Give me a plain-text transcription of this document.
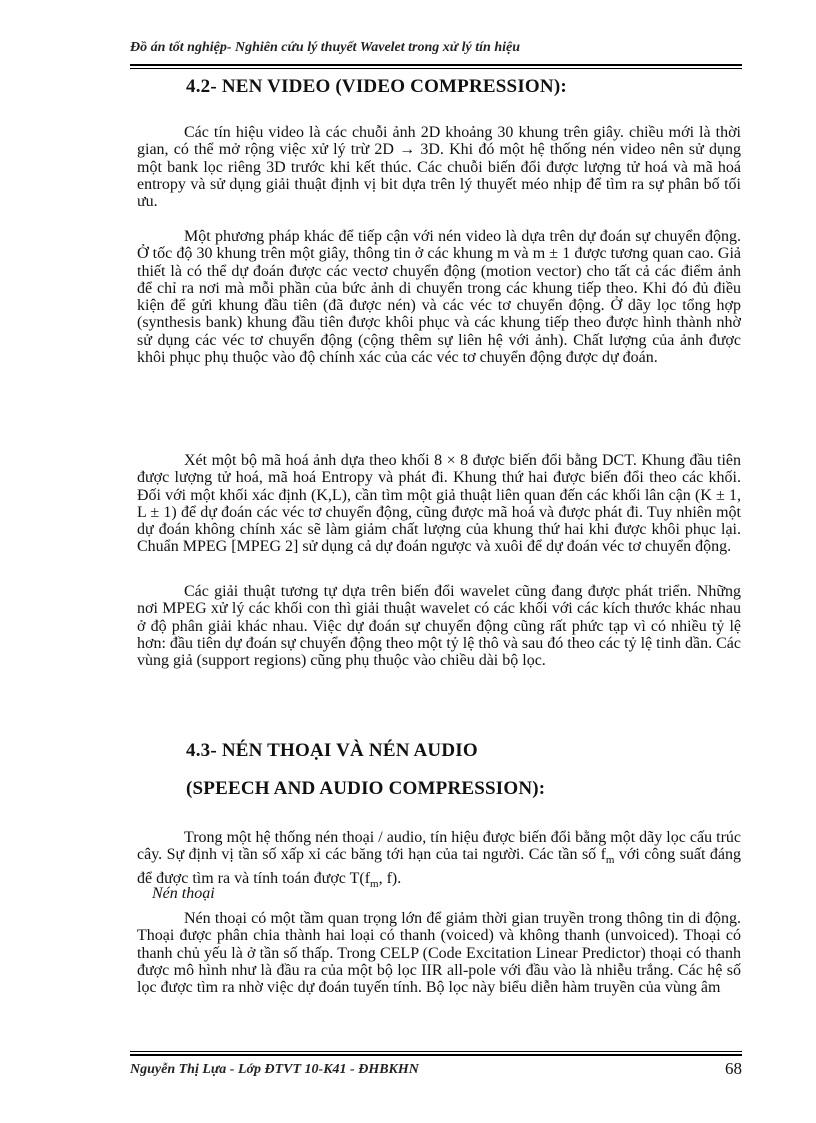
Đồ án tốt nghiệp- Nghiên cứu lý thuyết Wavelet trong xử lý tín hiệu
4.2- NEN VIDEO (VIDEO COMPRESSION):

Các tín hiệu video là các chuỗi ảnh 2D khoảng 30 khung trên giây. chiều mới là thời gian, có thể mở rộng việc xử lý trừ 2D → 3D. Khi đó một hệ thống nén video nên sử dụng một bank lọc riêng 3D trước khi kết thúc. Các chuỗi biến đổi được lượng tử hoá và mã hoá entropy và sử dụng giải thuật định vị bit dựa trên lý thuyết méo nhịp để tìm ra sự phân bố tối ưu.

Một phương pháp khác để tiếp cận với nén video là dựa trên dự đoán sự chuyển động. Ở tốc độ 30 khung trên một giây, thông tin ở các khung m và m ± 1 được tương quan cao. Giả thiết là có thể dự đoán được các vectơ chuyển động (motion vector) cho tất cả các điểm ảnh để chỉ ra nơi mà mỗi phần của bức ảnh di chuyển trong các khung tiếp theo. Khi đó đủ điều kiện để gửi khung đầu tiên (đã được nén) và các véc tơ chuyển động. Ở dãy lọc tổng hợp (synthesis bank) khung đầu tiên được khôi phục và các khung tiếp theo được hình thành nhờ sử dụng các véc tơ chuyển động (cộng thêm sự liên hệ với ảnh). Chất lượng của ảnh được khôi phục phụ thuộc vào độ chính xác của các véc tơ chuyển động được dự đoán.

Xét một bộ mã hoá ảnh dựa theo khối 8 × 8 được biến đổi bằng DCT. Khung đầu tiên được lượng tử hoá, mã hoá Entropy và phát đi. Khung thứ hai được biến đổi theo các khối. Đối với một khối xác định (K,L), cần tìm một giả thuật liên quan đến các khối lân cận (K ± 1, L ± 1) để dự đoán các véc tơ chuyển động, cũng được mã hoá và được phát đi. Tuy nhiên một dự đoán không chính xác sẽ làm giảm chất lượng của khung thứ hai khi được khôi phục lại. Chuẩn MPEG [MPEG 2] sử dụng cả dự đoán ngược và xuôi để dự đoán véc tơ chuyển động.

Các giải thuật tương tự dựa trên biến đổi wavelet cũng đang được phát triển. Những nơi MPEG xử lý các khối con thì giải thuật wavelet có các khối với các kích thước khác nhau ở độ phân giải khác nhau. Việc dự đoán sự chuyển động cũng rất phức tạp vì có nhiều tỷ lệ hơn: đầu tiên dự đoán sự chuyển động theo một tỷ lệ thô và sau đó theo các tỷ lệ tinh dần. Các vùng giả (support regions) cũng phụ thuộc vào chiều dài bộ lọc.

4.3- NÉN THOẠI VÀ NÉN AUDIO
(SPEECH AND AUDIO COMPRESSION):

Trong một hệ thống nén thoại / audio, tín hiệu được biến đổi bằng một dãy lọc cấu trúc cây. Sự định vị tần số xấp xỉ các băng tới hạn của tai người. Các tần số $f_m$ với công suất đáng để được tìm ra và tính toán được $T(f_m$, f).

Nén thoại

Nén thoại có một tầm quan trọng lớn để giảm thời gian truyền trong thông tin di động. Thoại được phân chia thành hai loại có thanh (voiced) và không thanh (unvoiced). Thoại có thanh chủ yếu là ở tần số thấp. Trong CELP (Code Excitation Linear Predictor) thoại có thanh được mô hình như là đầu ra của một bộ lọc IIR all-pole với đầu vào là nhiễu trắng. Các hệ số lọc được tìm ra nhờ việc dự đoán tuyến tính. Bộ lọc này biểu diễn hàm truyền của vùng âm

Nguyễn Thị Lựa - Lớp ĐTVT 10-K41 - ĐHBKHN	68
